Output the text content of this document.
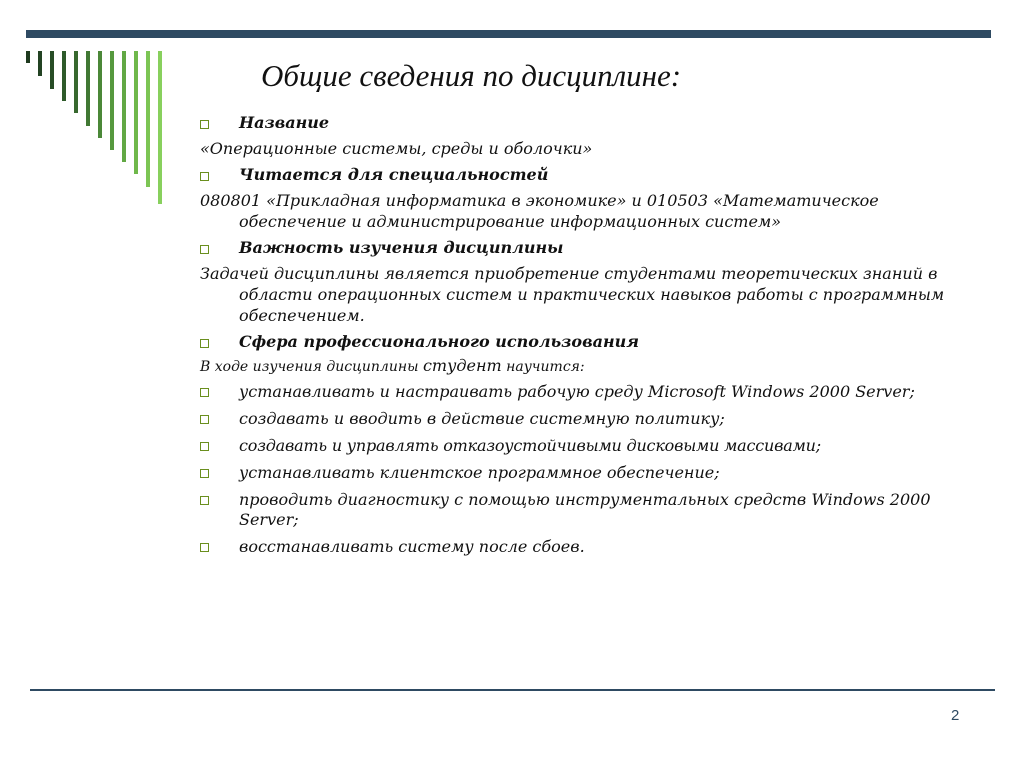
Общие сведения по дисциплине:
Название
«Операционные системы, среды и оболочки»
Читается для специальностей
080801 «Прикладная информатика в экономике» и 010503 «Математическое обеспечение и администрирование информационных систем»
Важность изучения дисциплины
Задачей дисциплины является приобретение студентами теоретических знаний в области операционных систем и практических навыков работы с программным обеспечением.
Сфера профессионального использования
В ходе изучения дисциплины студент научится:
устанавливать и настраивать рабочую среду Microsoft Windows 2000 Server;
создавать и вводить в действие системную политику;
создавать и управлять отказоустойчивыми дисковыми массивами;
устанавливать клиентское программное обеспечение;
проводить диагностику с помощью инструментальных средств Windows 2000 Server;
восстанавливать систему после сбоев.
2
